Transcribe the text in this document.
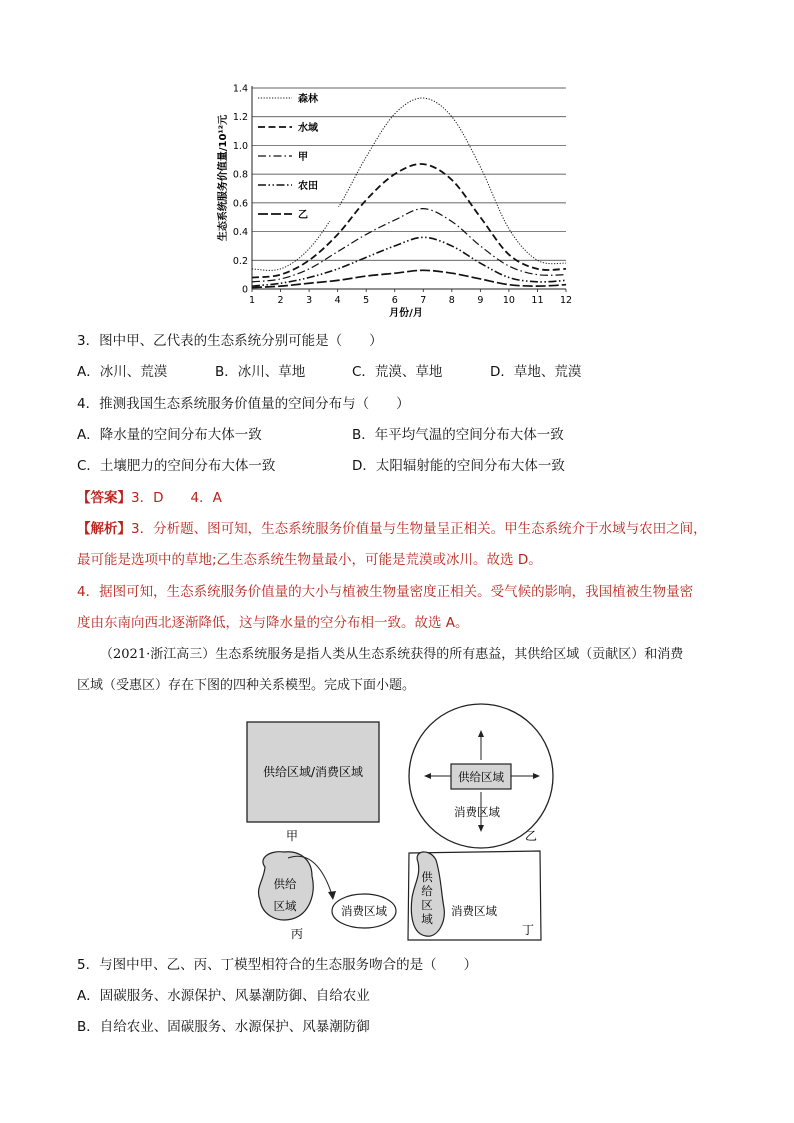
森林
水域
甲
农田
乙
0
0.2
0.4
0.6
0.8
1.0
1.2
1.4
1 2 3 4 5 6 7 8 9 10 11 12
生态系统服务价值量/10¹²元
月份/月
3．图中甲、乙代表的生态系统分别可能是（　　）
A．冰川、荒漠	B．冰川、草地	C．荒漠、草地	D．草地、荒漠
4．推测我国生态系统服务价值量的空间分布与（　　）
A．降水量的空间分布大体一致	B．年平均气温的空间分布大体一致
C．土壤肥力的空间分布大体一致	D．太阳辐射能的空间分布大体一致
【答案】3．D　　4．A
【解析】3．分析题、图可知，生态系统服务价值量与生物量呈正相关。甲生态系统介于水域与农田之间，
最可能是选项中的草地;乙生态系统生物量最小，可能是荒漠或冰川。故选 D。
4．据图可知，生态系统服务价值量的大小与植被生物量密度正相关。受气候的影响，我国植被生物量密
度由东南向西北逐渐降低，这与降水量的空分布相一致。故选 A。
（2021·浙江高三）生态系统服务是指人类从生态系统获得的所有惠益，其供给区域（贡献区）和消费
区域（受惠区）存在下图的四种关系模型。完成下面小题。
供给区域/消费区域
甲
供给区域
消费区域
乙
供给
区域	消费区域
丙
供
给
区
域
消费区域
丁
5．与图中甲、乙、丙、丁模型相符合的生态服务吻合的是（　　）
A．固碳服务、水源保护、风暴潮防御、自给农业
B．自给农业、固碳服务、水源保护、风暴潮防御
